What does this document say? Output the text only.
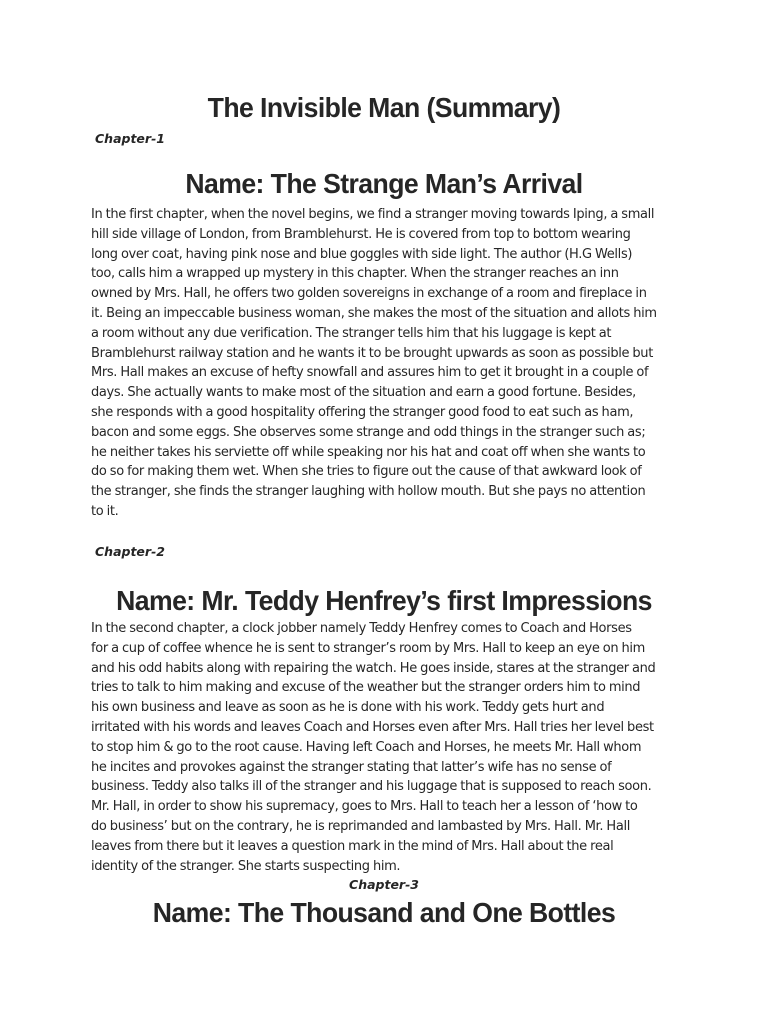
The Invisible Man (Summary)
Chapter-1
Name: The Strange Man’s Arrival
In the first chapter, when the novel begins, we find a stranger moving towards Iping, a small
hill side village of London, from Bramblehurst. He is covered from top to bottom wearing
long over coat, having pink nose and blue goggles with side light. The author (H.G Wells)
too, calls him a wrapped up mystery in this chapter. When the stranger reaches an inn
owned by Mrs. Hall, he offers two golden sovereigns in exchange of a room and fireplace in
it. Being an impeccable business woman, she makes the most of the situation and allots him
a room without any due verification. The stranger tells him that his luggage is kept at
Bramblehurst railway station and he wants it to be brought upwards as soon as possible but
Mrs. Hall makes an excuse of hefty snowfall and assures him to get it brought in a couple of
days. She actually wants to make most of the situation and earn a good fortune. Besides,
she responds with a good hospitality offering the stranger good food to eat such as ham,
bacon and some eggs. She observes some strange and odd things in the stranger such as;
he neither takes his serviette off while speaking nor his hat and coat off when she wants to
do so for making them wet. When she tries to figure out the cause of that awkward look of
the stranger, she finds the stranger laughing with hollow mouth. But she pays no attention
to it.
Chapter-2
Name: Mr. Teddy Henfrey’s first Impressions
In the second chapter, a clock jobber namely Teddy Henfrey comes to Coach and Horses
for a cup of coffee whence he is sent to stranger’s room by Mrs. Hall to keep an eye on him
and his odd habits along with repairing the watch. He goes inside, stares at the stranger and
tries to talk to him making and excuse of the weather but the stranger orders him to mind
his own business and leave as soon as he is done with his work. Teddy gets hurt and
irritated with his words and leaves Coach and Horses even after Mrs. Hall tries her level best
to stop him & go to the root cause. Having left Coach and Horses, he meets Mr. Hall whom
he incites and provokes against the stranger stating that latter’s wife has no sense of
business. Teddy also talks ill of the stranger and his luggage that is supposed to reach soon.
Mr. Hall, in order to show his supremacy, goes to Mrs. Hall to teach her a lesson of ‘how to
do business’ but on the contrary, he is reprimanded and lambasted by Mrs. Hall. Mr. Hall
leaves from there but it leaves a question mark in the mind of Mrs. Hall about the real
identity of the stranger. She starts suspecting him.
Chapter-3
Name: The Thousand and One Bottles
